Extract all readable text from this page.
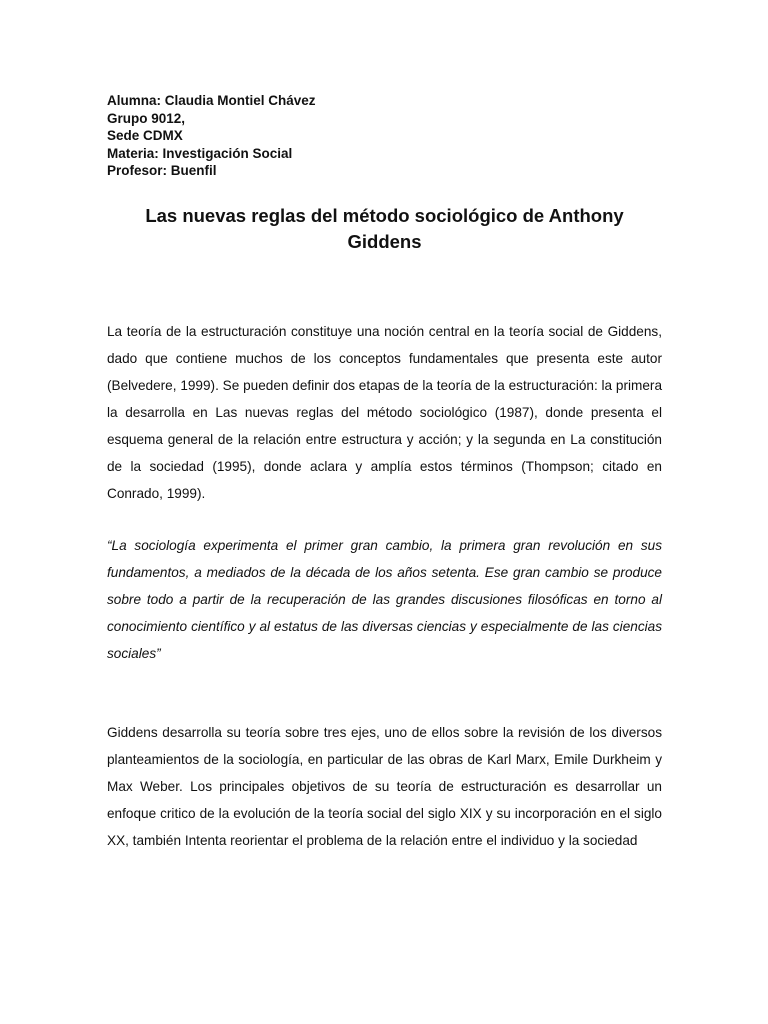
Alumna: Claudia Montiel Chávez
Grupo 9012,
Sede CDMX
Materia: Investigación Social
Profesor: Buenfil
Las nuevas reglas del método sociológico de Anthony Giddens

La teoría de la estructuración constituye una noción central en la teoría social de Giddens, dado que contiene muchos de los conceptos fundamentales que presenta este autor (Belvedere, 1999). Se pueden definir dos etapas de la teoría de la estructuración: la primera la desarrolla en Las nuevas reglas del método sociológico (1987), donde presenta el esquema general de la relación entre estructura y acción; y la segunda en La constitución de la sociedad (1995), donde aclara y amplía estos términos (Thompson; citado en Conrado, 1999).

“La sociología experimenta el primer gran cambio, la primera gran revolución en sus fundamentos, a mediados de la década de los años setenta. Ese gran cambio se produce sobre todo a partir de la recuperación de las grandes discusiones filosóficas en torno al conocimiento científico y al estatus de las diversas ciencias y especialmente de las ciencias sociales”

Giddens desarrolla su teoría sobre tres ejes, uno de ellos sobre la revisión de los diversos planteamientos de la sociología, en particular de las obras de Karl Marx, Emile Durkheim y Max Weber. Los principales objetivos de su teoría de estructuración es desarrollar un enfoque critico de la evolución de la teoría social del siglo XIX y su incorporación en el siglo XX, también Intenta reorientar el problema de la relación entre el individuo y la sociedad
